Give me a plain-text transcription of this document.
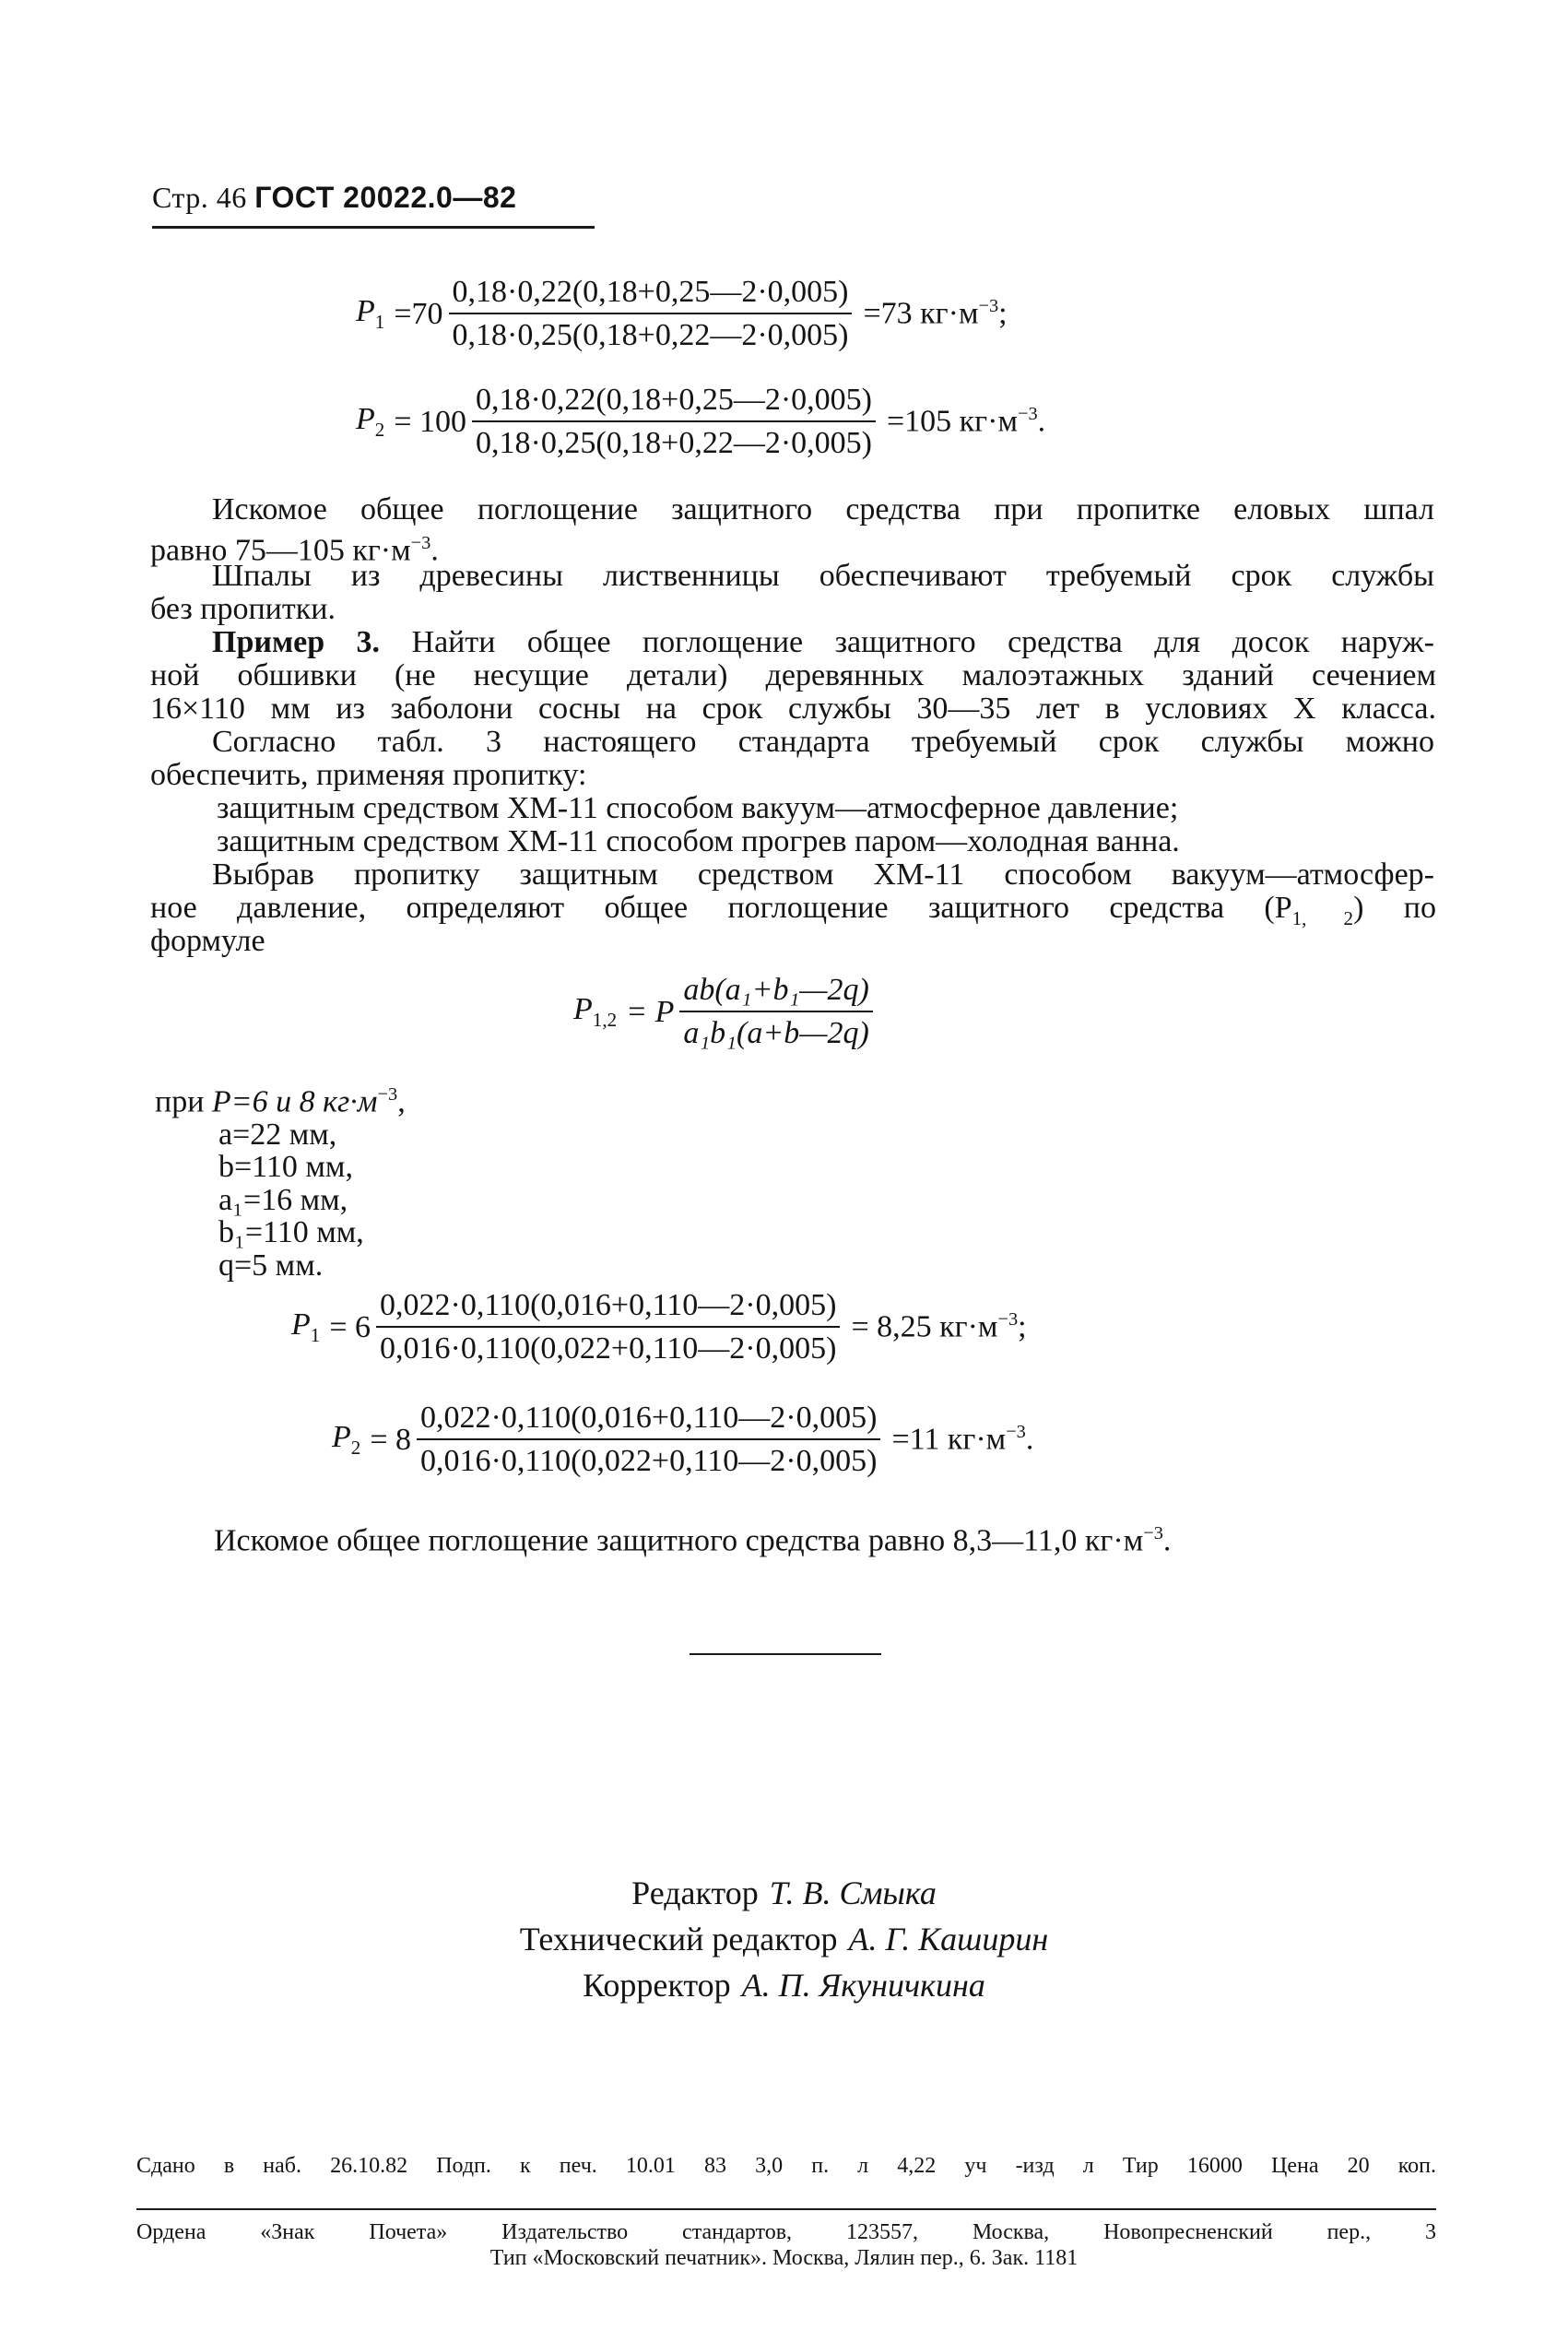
Стр. 46 ГОСТ 20022.0—82
$P_1 =70 \frac{0,18\cdot 0,22(0,18+0,25—2\cdot 0,005)}{0,18\cdot 0,25(0,18+0,22—2\cdot 0,005)} =73$ $кг\cdot м^{-3}$;
$P_2 = 100 \frac{0,18\cdot 0,22(0,18+0,25—2\cdot 0,005)}{0,18\cdot 0,25(0,18+0,22—2\cdot 0,005)} =105$ $кг\cdot м^{-3}$.
Искомое общее поглощение защитного средства при пропитке еловых шпал
равно 75—105 $кг\cdot м^{-3}$.
Шпалы из древесины лиственницы обеспечивают требуемый срок службы
без пропитки.
Пример 3. Найти общее поглощение защитного средства для досок наруж-
ной обшивки (не несущие детали) деревянных малоэтажных зданий сечением
16×110 мм из заболони сосны на срок службы 30—35 лет в условиях X класса.
Согласно табл. 3 настоящего стандарта требуемый срок службы можно
обеспечить, применяя пропитку:
защитным средством ХМ-11 способом вакуум—атмосферное давление;
защитным средством ХМ-11 способом прогрев паром—холодная ванна.
Выбрав пропитку защитным средством ХМ-11 способом вакуум—атмосфер-
ное давление, определяют общее поглощение защитного средства $(P_{1, 2})$ по
формуле
$P_{1,2} = P \frac{\text{ab(a₁+b₁—2q)}}{\text{a₁b₁(a+b—2q)}}$
при P=6 и 8 $кг\cdot м^{-3}$,
a=22 мм,
b=110 мм,
a₁=16 мм,
b₁=110 мм,
q=5 мм.
$P_1 = 6 \frac{0,022\cdot 0,110(0,016+0,110—2\cdot 0,005)}{0,016\cdot 0,110(0,022+0,110—2\cdot 0,005)} = 8,25$ $кг\cdot м^{-3}$;
$P_2 = 8 \frac{0,022\cdot 0,110(0,016+0,110—2\cdot 0,005)}{0,016\cdot 0,110(0,022+0,110—2\cdot 0,005)} =11$ $кг\cdot м^{-3}$.
Искомое общее поглощение защитного средства равно 8,3—11,0 $кг\cdot м^{-3}$.
Редактор Т. В. Смыка
Технический редактор А. Г. Каширин
Корректор А. П. Якуничкина
Сдано в наб. 26.10.82 Подп. к печ. 10.01 83 3,0 п. л 4,22 уч -изд л Тир 16000 Цена 20 коп.
Ордена «Знак Почета» Издательство стандартов, 123557, Москва, Новопресненский пер., 3
Тип «Московский печатник». Москва, Лялин пер., 6. Зак. 1181
